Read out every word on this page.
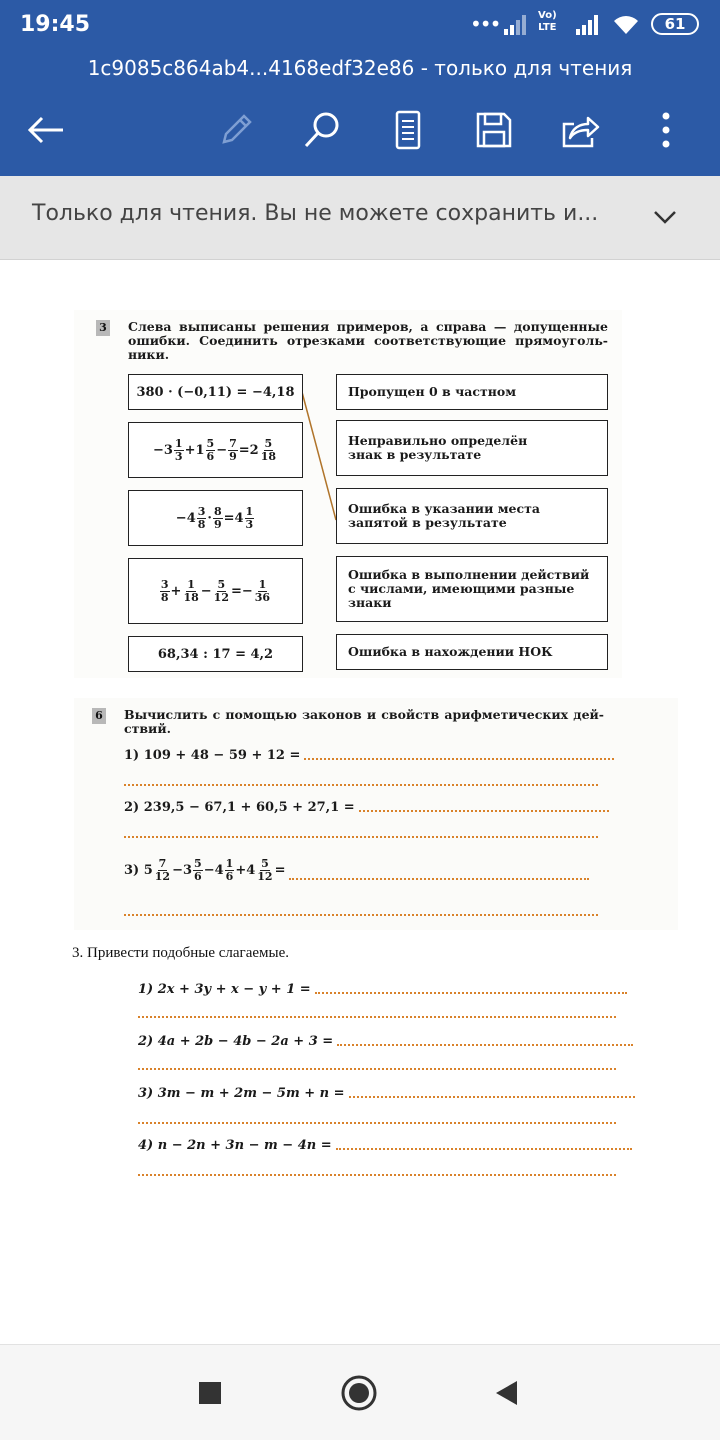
19:45	•••	Vo)
LTE	61
1c9085c864ab4...4168edf32e86 - только для чтения
Только для чтения. Вы не можете сохранить и...
3 Слева выписаны решения примеров, а справа — допущенные ошибки. Соединить отрезками соответствующие прямоуголь-ники.
380 · (−0,11) = −4,18
$-3 \frac{1}{3} +1 \frac{5}{6} - \frac{7}{9} =2 \frac{5}{18}$
$-4 \frac{3}{8} \cdot \frac{8}{9} =4 \frac{1}{3}$
$\frac{3}{8} + \frac{1}{18} - \frac{5}{12} =- \frac{1}{36}$
68,34 : 17 = 4,2
Пропущен 0 в частном
Неправильно определён знак в результате
Ошибка в указании места запятой в результате
Ошибка в выполнении действий с числами, имеющими разные знаки
Ошибка в нахождении НОК
6 Вычислить с помощью законов и свойств арифметических дей-ствий.
1) 109 + 48 − 59 + 12 =
2) 239,5 − 67,1 + 60,5 + 27,1 =
3) $5 \frac{7}{12} -3 \frac{5}{6} -4 \frac{1}{6} +4 \frac{5}{12}$ =
3. Привести подобные слагаемые.
1) 2x + 3y + x − y + 1 =
2) 4a + 2b − 4b − 2a + 3 =
3) 3m − m + 2m − 5m + n =
4) n − 2n + 3n − m − 4n =
